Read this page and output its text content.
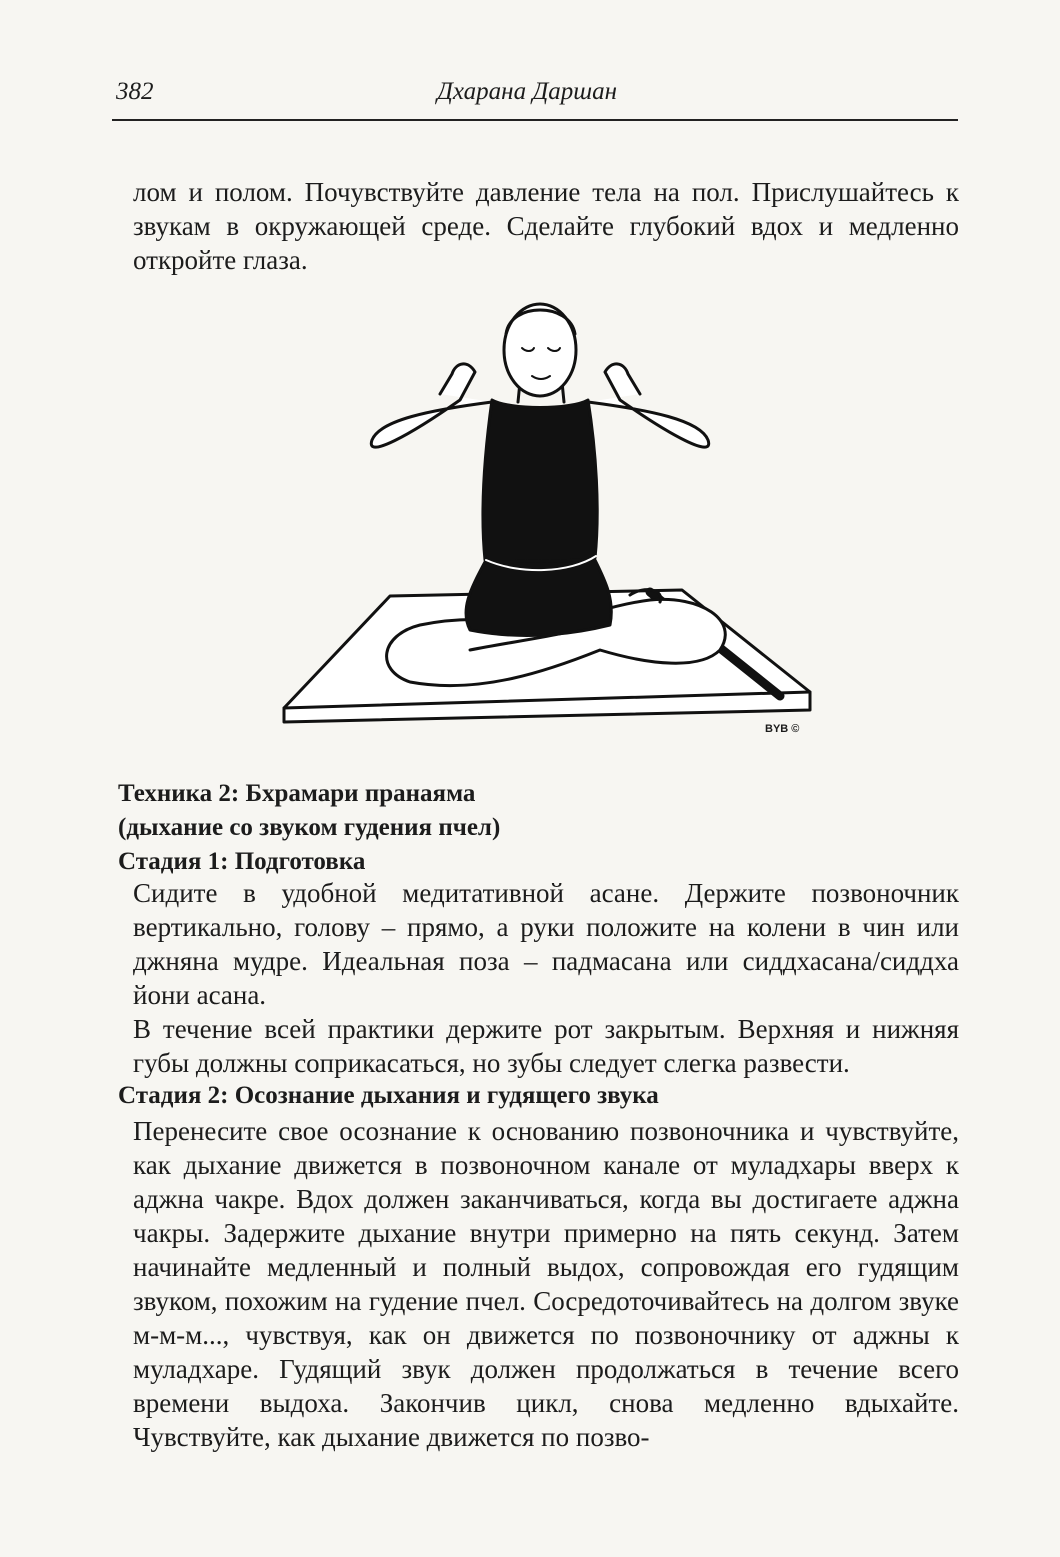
382	Дхарана Даршан
лом и полом. Почувствуйте давление тела на пол. Прислушайтесь к звукам в окружающей среде. Сделайте глубокий вдох и медленно откройте глаза.
BYB ©
Техника 2: Бхрамари пранаяма
(дыхание со звуком гудения пчел)
Стадия 1: Подготовка
Сидите в удобной медитативной асане. Держите позвоночник вертикально, голову – прямо, а руки положите на колени в чин или джняна мудре. Идеальная поза – падмасана или сиддхасана/сиддха йони асана.
В течение всей практики держите рот закрытым. Верхняя и нижняя губы должны соприкасаться, но зубы следует слегка развести.
Стадия 2: Осознание дыхания и гудящего звука
Перенесите свое осознание к основанию позвоночника и чувствуйте, как дыхание движется в позвоночном канале от муладхары вверх к аджна чакре. Вдох должен заканчиваться, когда вы достигаете аджна чакры. Задержите дыхание внутри примерно на пять секунд. Затем начинайте медленный и полный выдох, сопровождая его гудящим звуком, похожим на гудение пчел. Сосредоточивайтесь на долгом звуке м-м-м..., чувствуя, как он движется по позвоночнику от аджны к муладхаре. Гудящий звук должен продолжаться в течение всего времени выдоха. Закончив цикл, снова медленно вдыхайте. Чувствуйте, как дыхание движется по позво-
